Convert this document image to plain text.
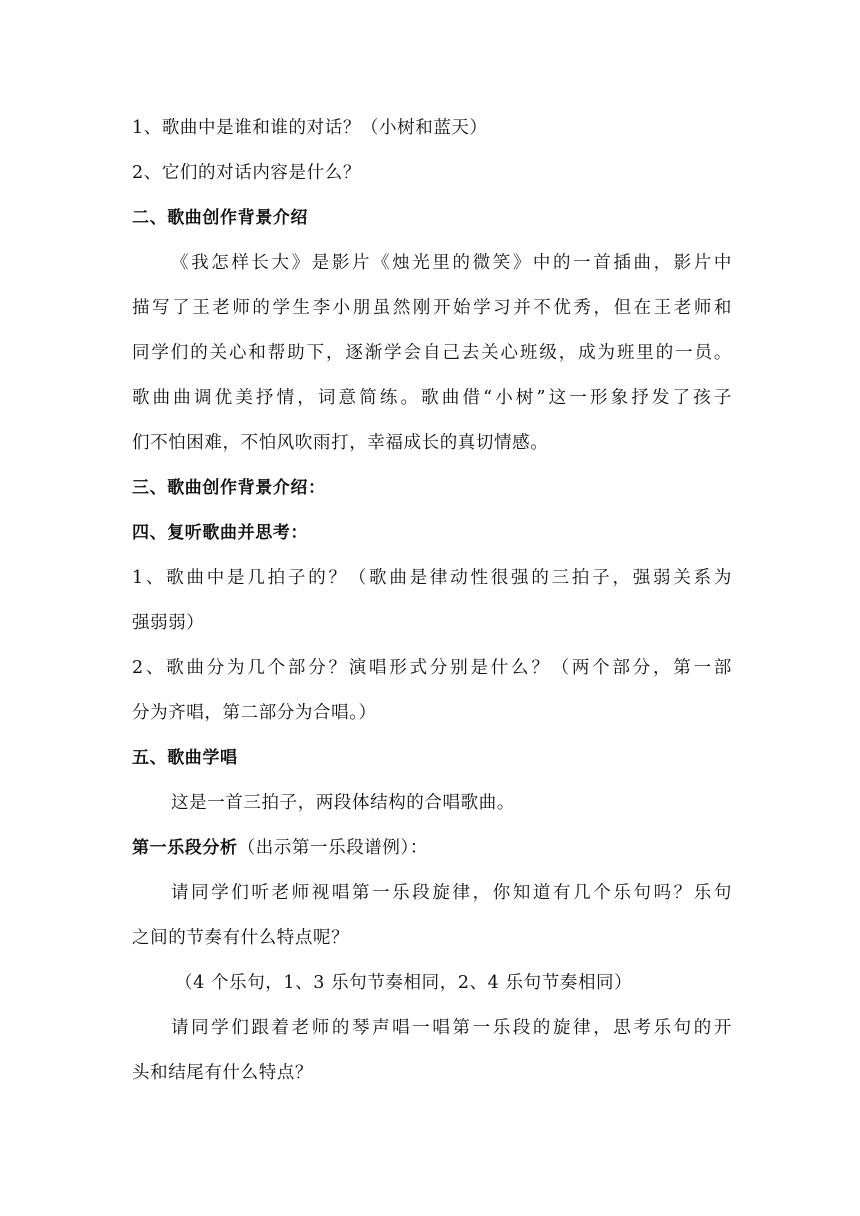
1、歌曲中是谁和谁的对话？（小树和蓝天）
2、它们的对话内容是什么？
二、歌曲创作背景介绍
《我怎样长大》是影片《烛光里的微笑》中的一首插曲，影片中
描写了王老师的学生李小朋虽然刚开始学习并不优秀，但在王老师和
同学们的关心和帮助下，逐渐学会自己去关心班级，成为班里的一员。
歌曲曲调优美抒情，词意简练。歌曲借“小树”这一形象抒发了孩子
们不怕困难，不怕风吹雨打，幸福成长的真切情感。
三、歌曲创作背景介绍：
四、复听歌曲并思考：
1、歌曲中是几拍子的？（歌曲是律动性很强的三拍子，强弱关系为
强弱弱）
2、歌曲分为几个部分？演唱形式分别是什么？（两个部分，第一部
分为齐唱，第二部分为合唱。）
五、歌曲学唱
这是一首三拍子，两段体结构的合唱歌曲。
第一乐段分析（出示第一乐段谱例）：
请同学们听老师视唱第一乐段旋律，你知道有几个乐句吗？乐句
之间的节奏有什么特点呢？
（4 个乐句，1、3 乐句节奏相同，2、4 乐句节奏相同）
请同学们跟着老师的琴声唱一唱第一乐段的旋律，思考乐句的开
头和结尾有什么特点？
